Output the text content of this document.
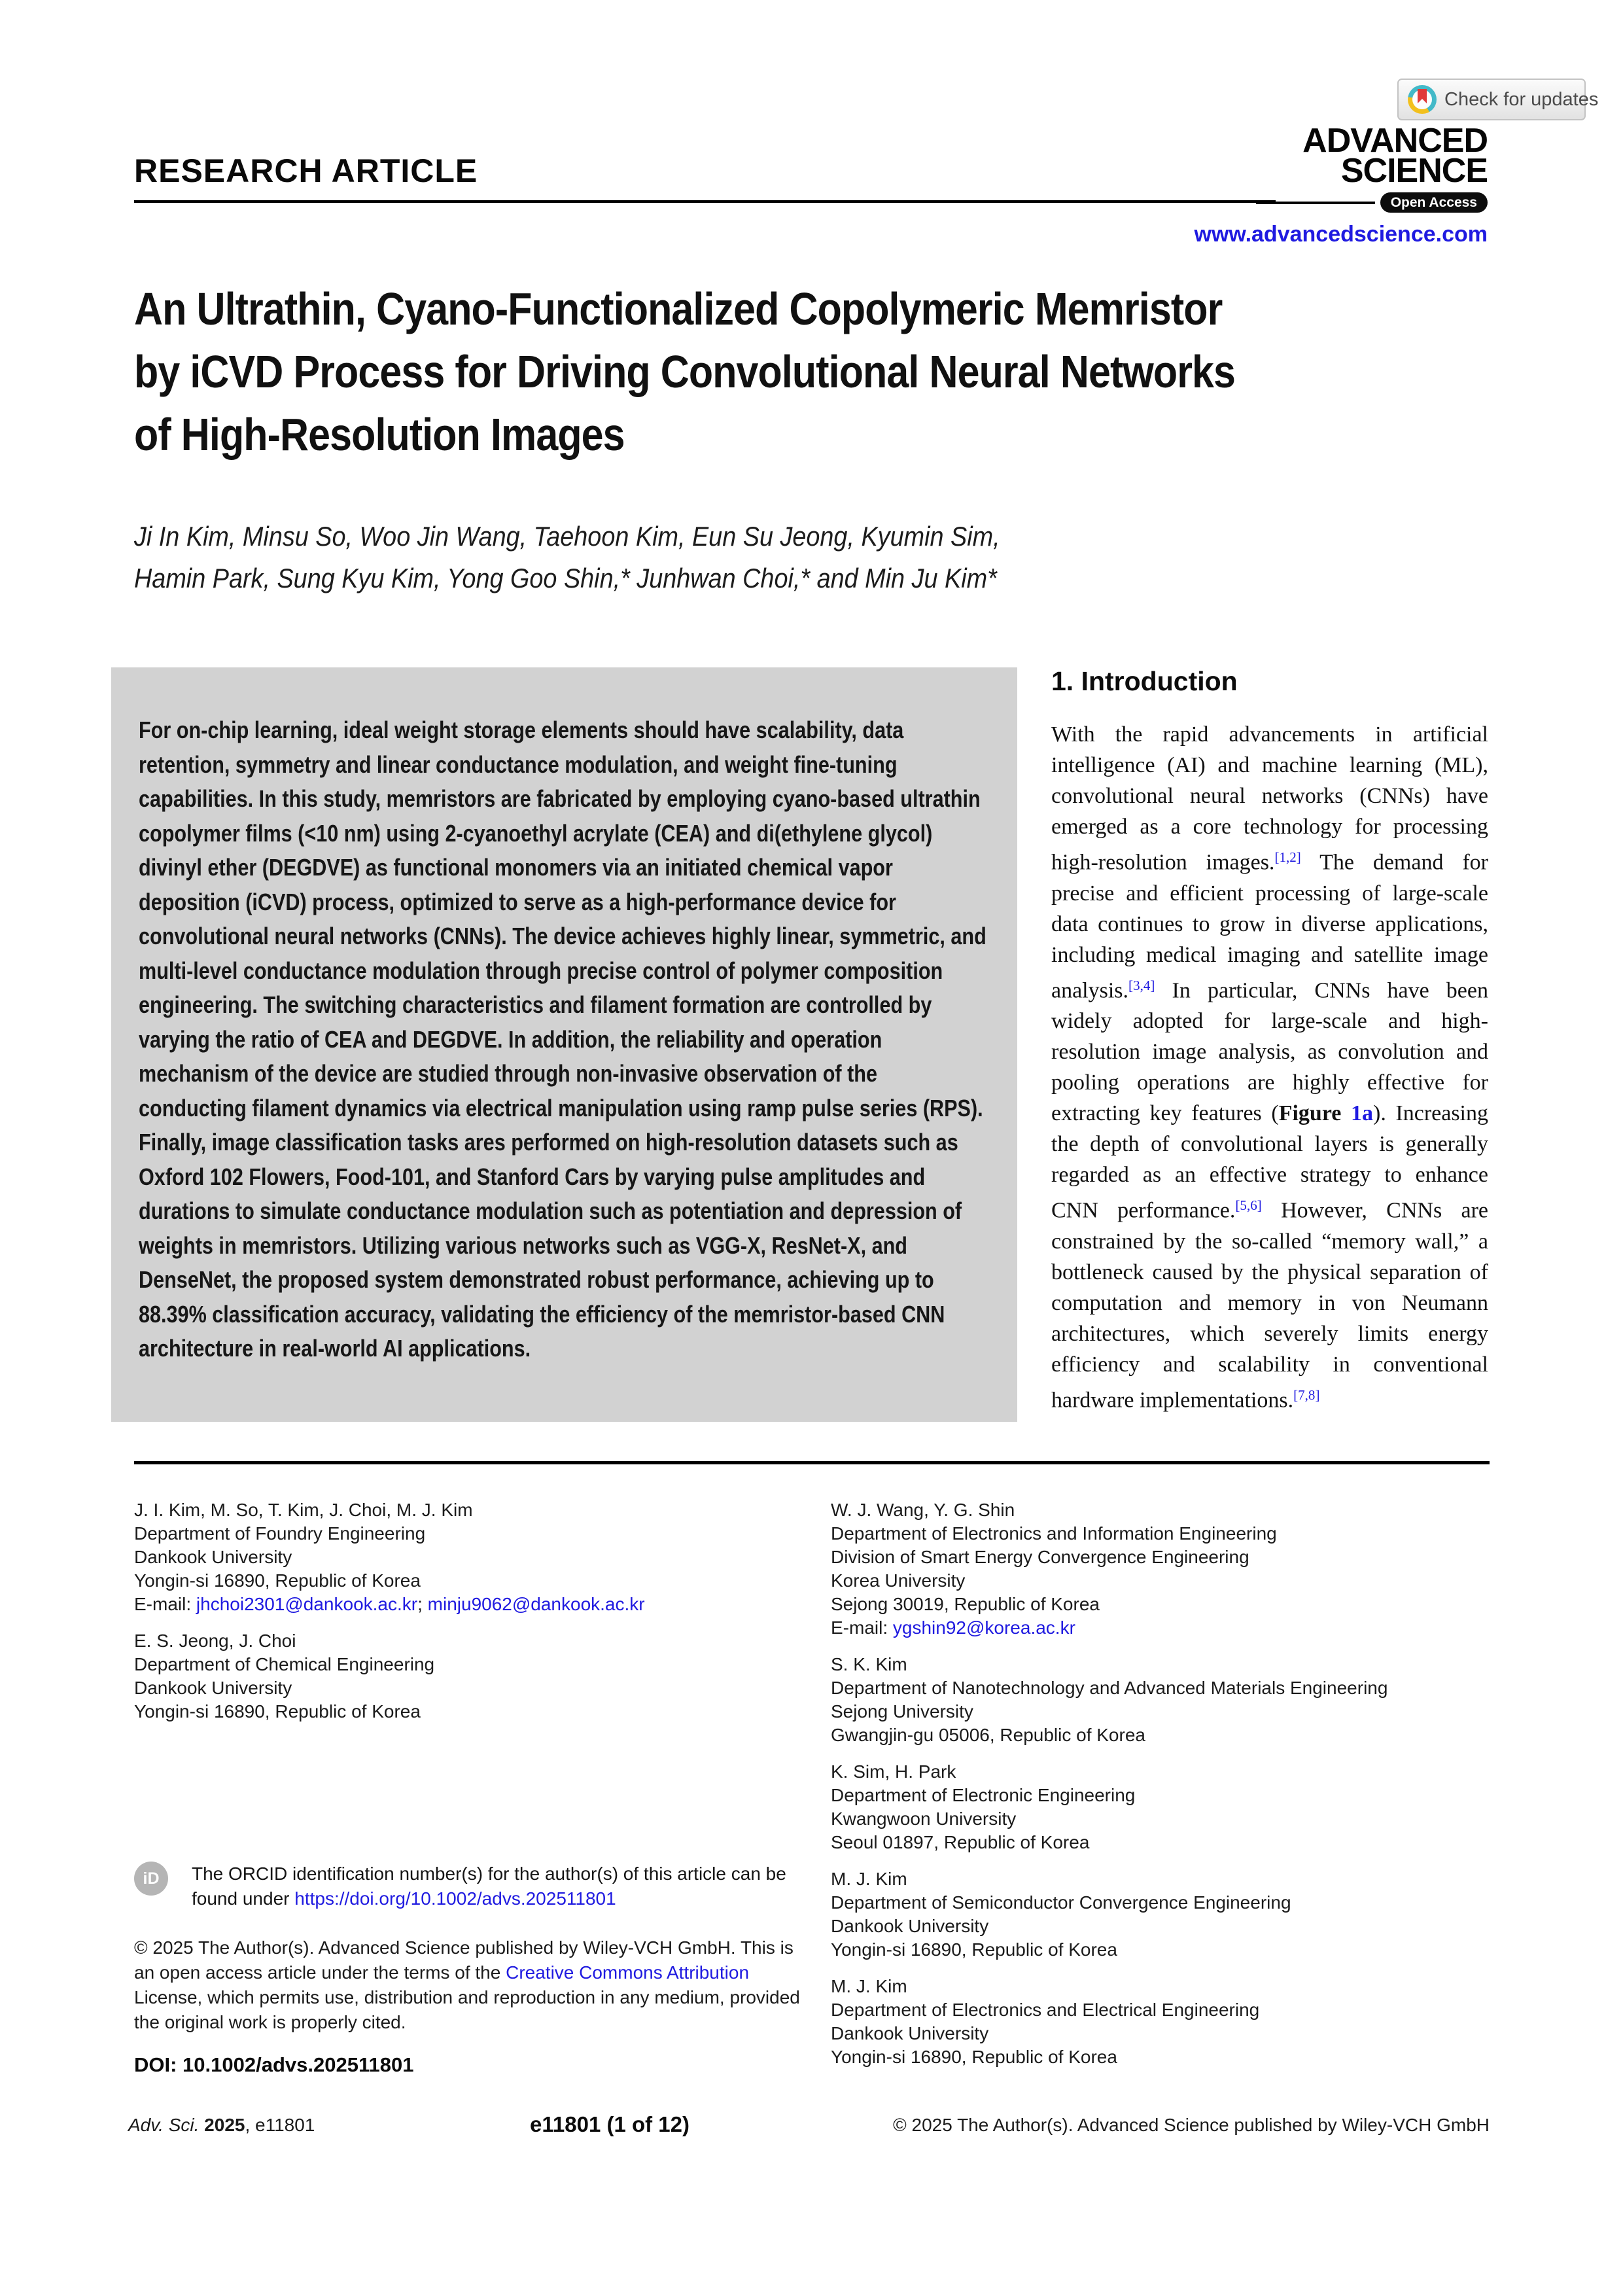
Check for updates
RESEARCH ARTICLE
ADVANCED
SCIENCE
Open Access
www.advancedscience.com
An Ultrathin, Cyano-Functionalized Copolymeric Memristor
by iCVD Process for Driving Convolutional Neural Networks
of High-Resolution Images
Ji In Kim, Minsu So, Woo Jin Wang, Taehoon Kim, Eun Su Jeong, Kyumin Sim,
Hamin Park, Sung Kyu Kim, Yong Goo Shin,* Junhwan Choi,* and Min Ju Kim*

For on-chip learning, ideal weight storage elements should have scalability, data retention, symmetry and linear conductance modulation, and weight fine-tuning capabilities. In this study, memristors are fabricated by employing cyano-based ultrathin copolymer films (<10 nm) using 2-cyanoethyl acrylate (CEA) and di(ethylene glycol) divinyl ether (DEGDVE) as functional monomers via an initiated chemical vapor deposition (iCVD) process, optimized to serve as a high-performance device for convolutional neural networks (CNNs). The device achieves highly linear, symmetric, and multi-level conductance modulation through precise control of polymer composition engineering. The switching characteristics and filament formation are controlled by varying the ratio of CEA and DEGDVE. In addition, the reliability and operation mechanism of the device are studied through non-invasive observation of the conducting filament dynamics via electrical manipulation using ramp pulse series (RPS). Finally, image classification tasks ares performed on high-resolution datasets such as Oxford 102 Flowers, Food-101, and Stanford Cars by varying pulse amplitudes and durations to simulate conductance modulation such as potentiation and depression of weights in memristors. Utilizing various networks such as VGG-X, ResNet-X, and DenseNet, the proposed system demonstrated robust performance, achieving up to 88.39% classification accuracy, validating the efficiency of the memristor-based CNN architecture in real-world AI applications.

1. Introduction

With the rapid advancements in artificial intelligence (AI) and machine learning (ML), convolutional neural networks (CNNs) have emerged as a core technology for processing high-resolution images.[1,2] The demand for precise and efficient processing of large-scale data continues to grow in diverse applications, including medical imaging and satellite image analysis.[3,4] In particular, CNNs have been widely adopted for large-scale and high-resolution image analysis, as convolution and pooling operations are highly effective for extracting key features (Figure 1a). Increasing the depth of convolutional layers is generally regarded as an effective strategy to enhance CNN performance.[5,6] However, CNNs are constrained by the so-called “memory wall,” a bottleneck caused by the physical separation of computation and memory in von Neumann architectures, which severely limits energy efficiency and scalability in conventional hardware implementations.[7,8]

J. I. Kim, M. So, T. Kim, J. Choi, M. J. Kim
Department of Foundry Engineering
Dankook University
Yongin-si 16890, Republic of Korea
E-mail: jhchoi2301@dankook.ac.kr; minju9062@dankook.ac.kr
E. S. Jeong, J. Choi
Department of Chemical Engineering
Dankook University
Yongin-si 16890, Republic of Korea
W. J. Wang, Y. G. Shin
Department of Electronics and Information Engineering
Division of Smart Energy Convergence Engineering
Korea University
Sejong 30019, Republic of Korea
E-mail: ygshin92@korea.ac.kr
S. K. Kim
Department of Nanotechnology and Advanced Materials Engineering
Sejong University
Gwangjin-gu 05006, Republic of Korea
K. Sim, H. Park
Department of Electronic Engineering
Kwangwoon University
Seoul 01897, Republic of Korea
M. J. Kim
Department of Semiconductor Convergence Engineering
Dankook University
Yongin-si 16890, Republic of Korea
M. J. Kim
Department of Electronics and Electrical Engineering
Dankook University
Yongin-si 16890, Republic of Korea
iD	The ORCID identification number(s) for the author(s) of this article can be found under https://doi.org/10.1002/advs.202511801

© 2025 The Author(s). Advanced Science published by Wiley-VCH GmbH. This is an open access article under the terms of the Creative Commons Attribution License, which permits use, distribution and reproduction in any medium, provided the original work is properly cited.

DOI: 10.1002/advs.202511801

Adv. Sci. 2025, e11801	e11801 (1 of 12)	© 2025 The Author(s). Advanced Science published by Wiley-VCH GmbH
